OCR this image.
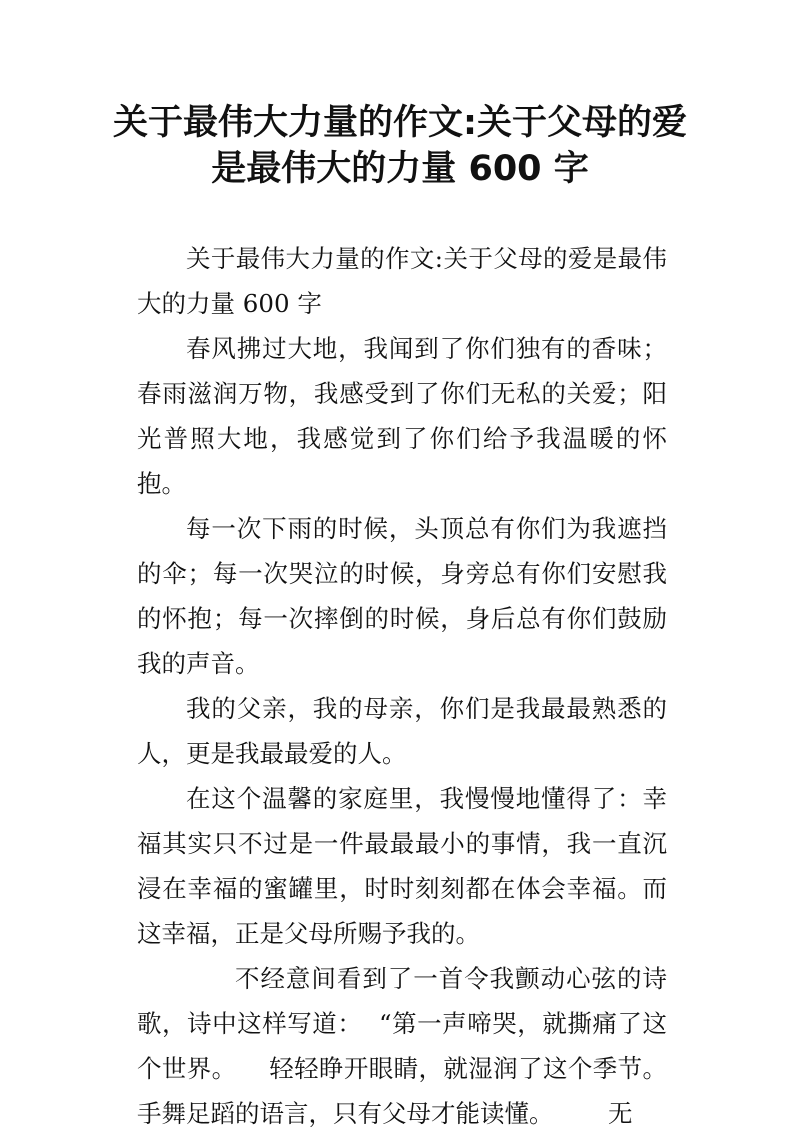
关于最伟大力量的作文:关于父母的爱
是最伟大的力量 600 字

关于最伟大力量的作文:关于父母的爱是最伟大的力量 600 字

春风拂过大地，我闻到了你们独有的香味；春雨滋润万物，我感受到了你们无私的关爱；阳光普照大地，我感觉到了你们给予我温暖的怀抱。

每一次下雨的时候，头顶总有你们为我遮挡的伞；每一次哭泣的时候，身旁总有你们安慰我的怀抱；每一次摔倒的时候，身后总有你们鼓励我的声音。

我的父亲，我的母亲，你们是我最最熟悉的人，更是我最最爱的人。

在这个温馨的家庭里，我慢慢地懂得了：幸福其实只不过是一件最最最小的事情，我一直沉浸在幸福的蜜罐里，时时刻刻都在体会幸福。而这幸福，正是父母所赐予我的。

不经意间看到了一首令我颤动心弦的诗歌，诗中这样写道：  “第一声啼哭，就撕痛了这个世界。    轻轻睁开眼睛，就湿润了这个季节。手舞足蹈的语言，只有父母才能读懂。       无
